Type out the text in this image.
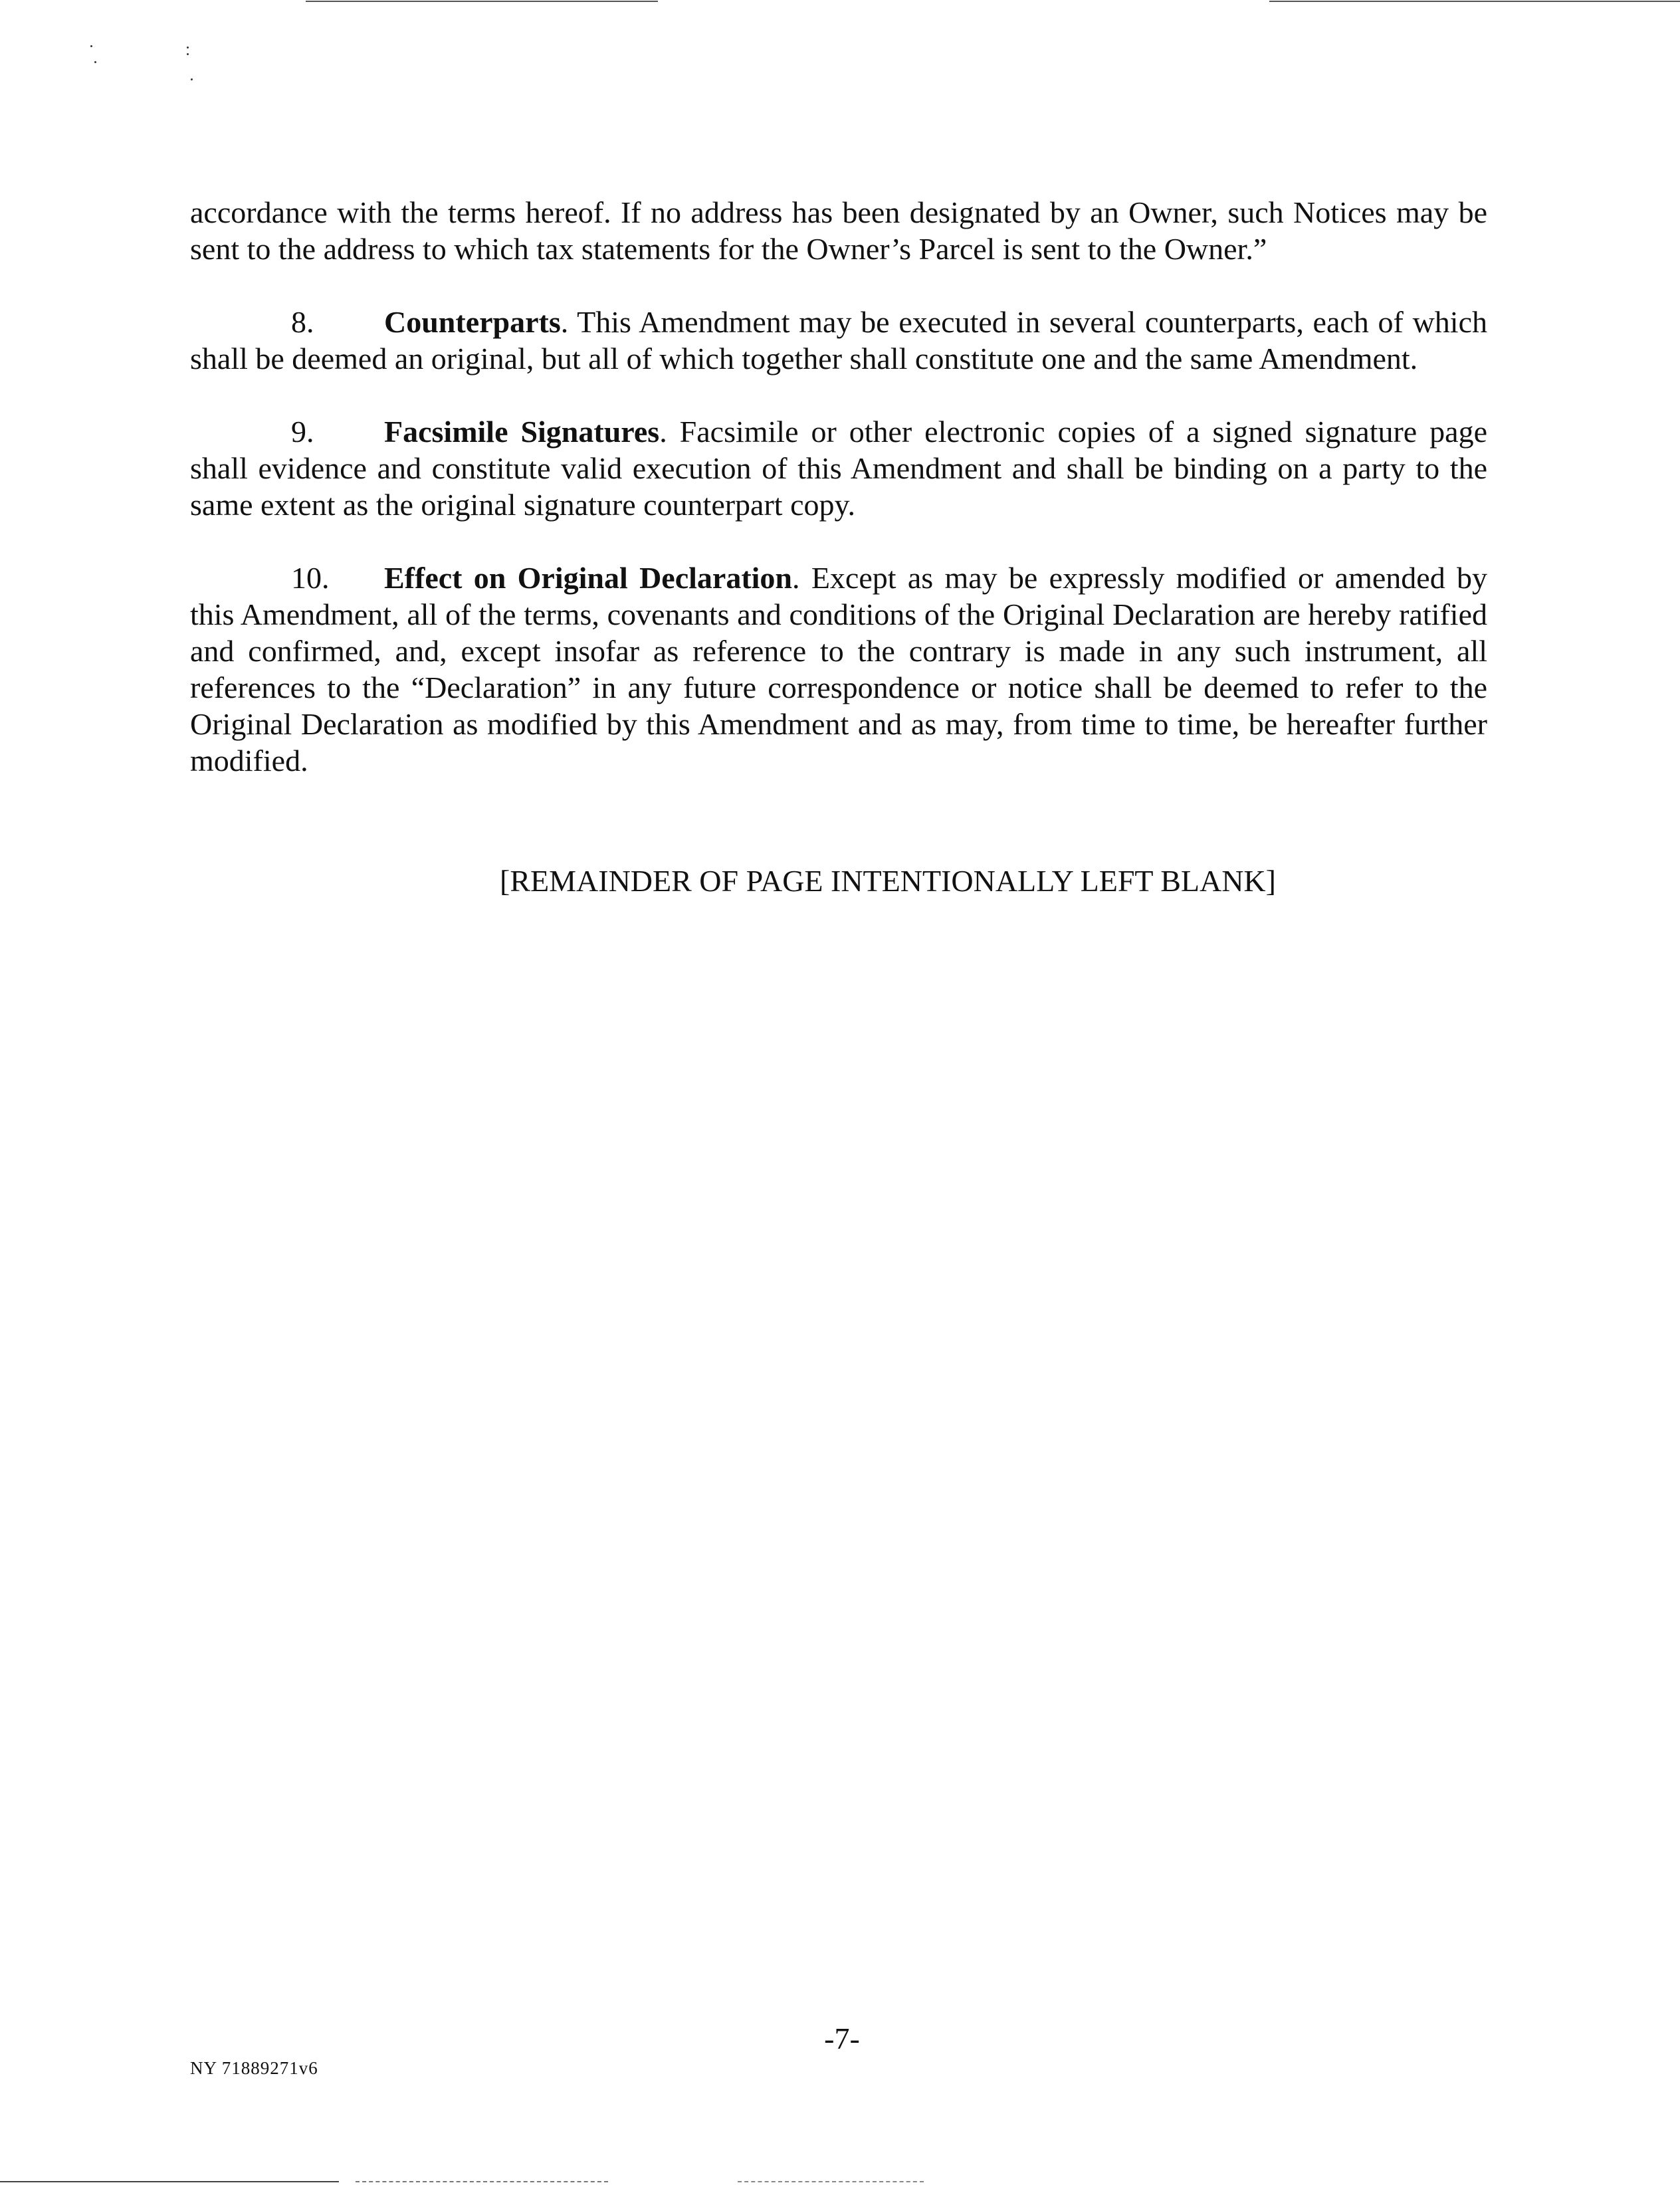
accordance with the terms hereof. If no address has been designated by an Owner, such Notices may be sent to the address to which tax statements for the Owner’s Parcel is sent to the Owner.”

8. Counterparts. This Amendment may be executed in several counterparts, each of which shall be deemed an original, but all of which together shall constitute one and the same Amendment.

9. Facsimile Signatures. Facsimile or other electronic copies of a signed signature page shall evidence and constitute valid execution of this Amendment and shall be binding on a party to the same extent as the original signature counterpart copy.

10. Effect on Original Declaration. Except as may be expressly modified or amended by this Amendment, all of the terms, covenants and conditions of the Original Declaration are hereby ratified and confirmed, and, except insofar as reference to the contrary is made in any such instrument, all references to the “Declaration” in any future correspondence or notice shall be deemed to refer to the Original Declaration as modified by this Amendment and as may, from time to time, be hereafter further modified.

[REMAINDER OF PAGE INTENTIONALLY LEFT BLANK]
-7-
NY 71889271v6
